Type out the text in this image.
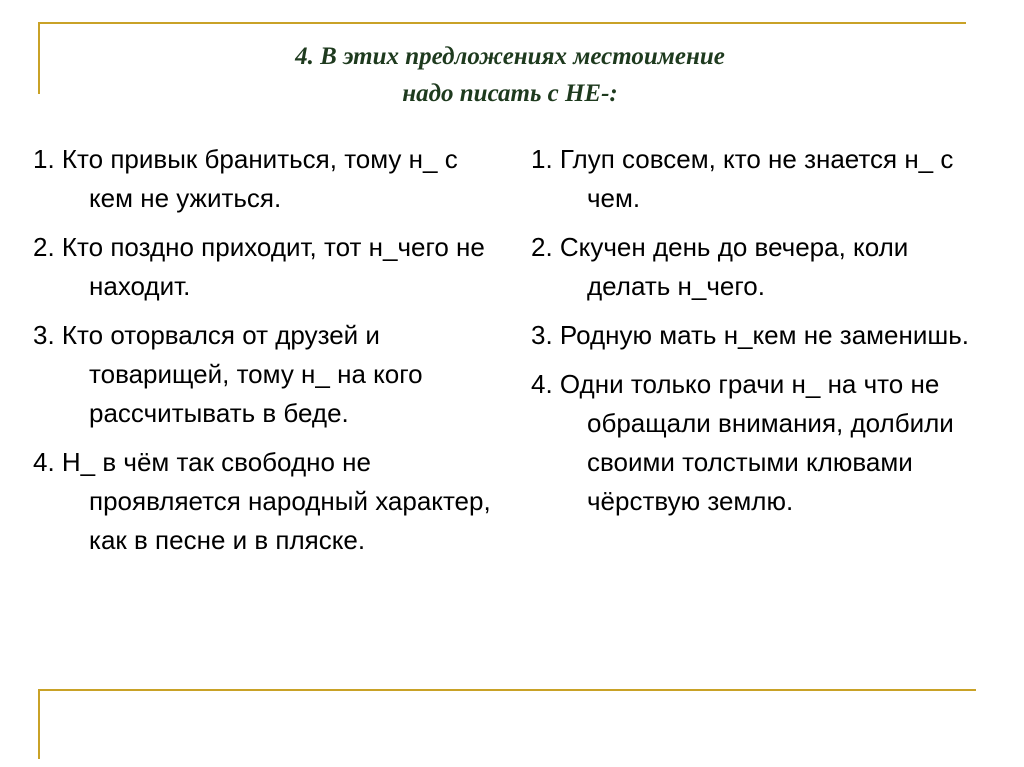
4. В этих предложениях местоимение
надо писать с НЕ-:

1. Кто привык браниться, тому н_ с кем не ужиться.

2. Кто поздно приходит, тот н_чего не находит.

3. Кто оторвался от друзей и товарищей, тому н_ на кого рассчитывать в беде.

4. Н_ в чём так свободно не проявляется народный характер, как в песне и в пляске.

1. Глуп совсем, кто не знается н_ с чем.

2. Скучен день до вечера, коли делать н_чего.

3. Родную мать н_кем не заменишь.

4. Одни только грачи н_ на что не обращали внимания, долбили своими толстыми клювами чёрствую землю.
